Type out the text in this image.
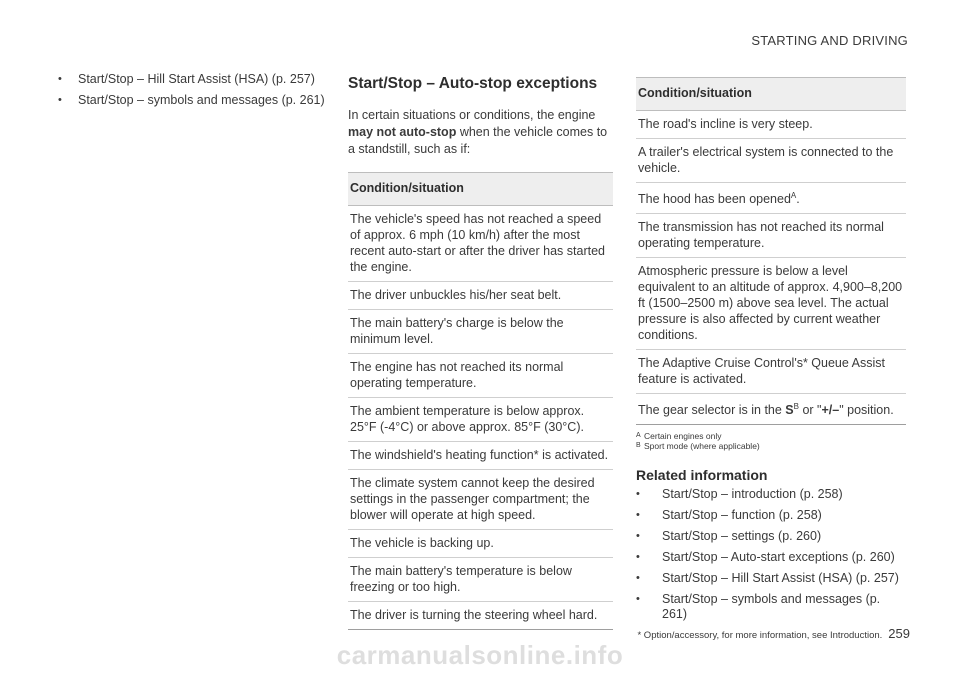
STARTING AND DRIVING
• Start/Stop – Hill Start Assist (HSA) (p. 257)
• Start/Stop – symbols and messages (p. 261)
Start/Stop – Auto-stop exceptions

In certain situations or conditions, the engine may not auto-stop when the vehicle comes to a standstill, such as if:

Condition/situation
The vehicle's speed has not reached a speed of approx. 6 mph (10 km/h) after the most recent auto-start or after the driver has started the engine.
The driver unbuckles his/her seat belt.
The main battery's charge is below the minimum level.
The engine has not reached its normal operating temperature.
The ambient temperature is below approx. 25°F (-4°C) or above approx. 85°F (30°C).
The windshield's heating function* is activated.
The climate system cannot keep the desired settings in the passenger compartment; the blower will operate at high speed.
The vehicle is backing up.
The main battery's temperature is below freezing or too high.
The driver is turning the steering wheel hard.
Condition/situation
The road's incline is very steep.
A trailer's electrical system is connected to the vehicle.
The hood has been opened$^A$.
The transmission has not reached its normal operating temperature.
Atmospheric pressure is below a level equivalent to an altitude of approx. 4,900–8,200 ft (1500–2500 m) above sea level. The actual pressure is also affected by current weather conditions.
The Adaptive Cruise Control's* Queue Assist feature is activated.
The gear selector is in the $S^B$ or "+/–" position.
A Certain engines only
B Sport mode (where applicable)
Related information
• Start/Stop – introduction (p. 258)
• Start/Stop – function (p. 258)
• Start/Stop – settings (p. 260)
• Start/Stop – Auto-start exceptions (p. 260)
• Start/Stop – Hill Start Assist (HSA) (p. 257)
• Start/Stop – symbols and messages (p. 261)
* Option/accessory, for more information, see Introduction. 259
carmanualsonline.info
